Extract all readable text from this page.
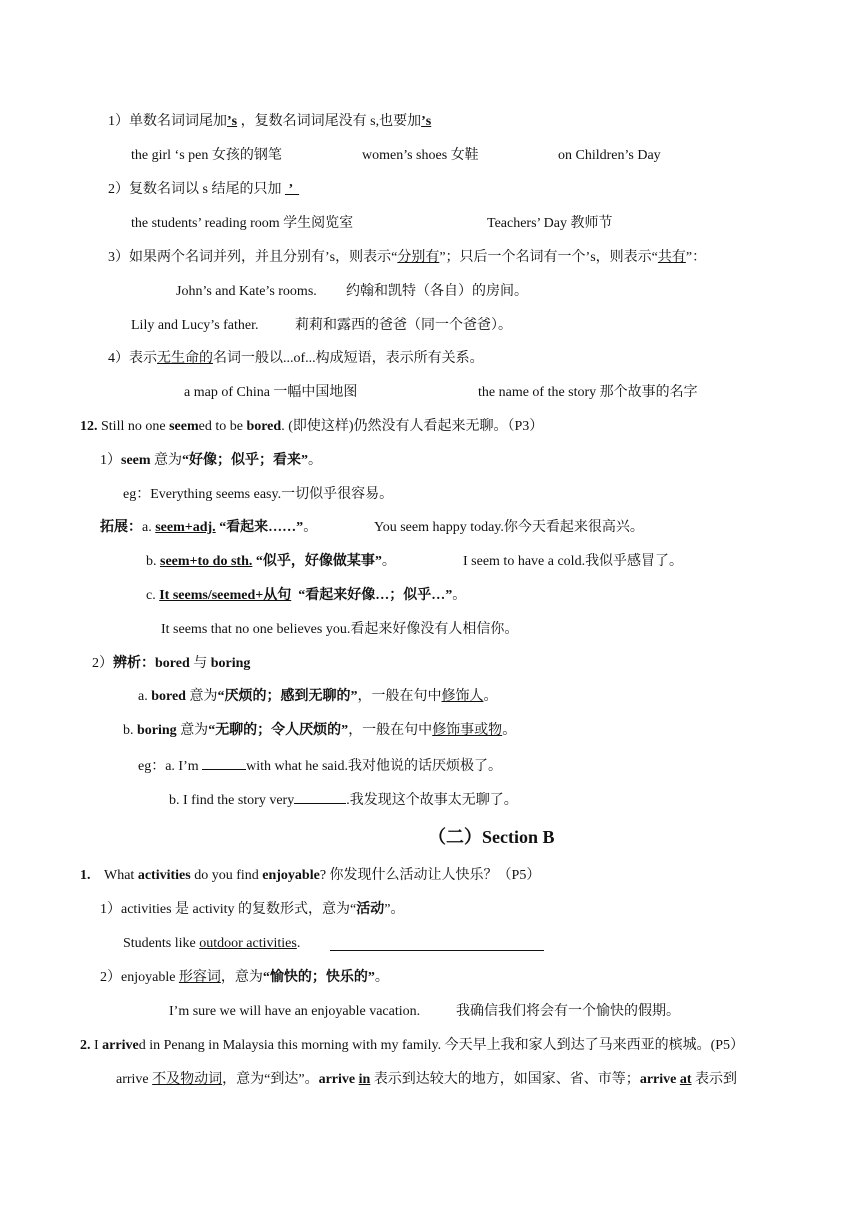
1）单数名词词尾加’s ，复数名词词尾没有 s,也要加’s
the girl ‘s pen 女孩的钢笔	women’s shoes 女鞋	on Children’s Day
2）复数名词以 s 结尾的只加  ’
the students’ reading room 学生阅览室	Teachers’ Day 教师节
3）如果两个名词并列，并且分别有’s，则表示“分别有”；只后一个名词有一个’s，则表示“共有”：
John’s and Kate’s rooms. 约翰和凯特（各自）的房间。
Lily and Lucy’s father.	莉莉和露西的爸爸（同一个爸爸）。
4）表示无生命的名词一般以...of...构成短语，表示所有关系。
a map of China 一幅中国地图	the name of the story 那个故事的名字
12. Still no one seemed to be bored. (即使这样)仍然没有人看起来无聊。（P3）
1）seem 意为“好像；似乎；看来”。
eg：Everything seems easy.一切似乎很容易。
拓展：a. seem+adj. “看起来……”。	You seem happy today.你今天看起来很高兴。
b. seem+to do sth. “似乎，好像做某事”。	I seem to have a cold.我似乎感冒了。
c. It seems/seemed+从句  “看起来好像…；似乎…”。
It seems that no one believes you.看起来好像没有人相信你。
2）辨析：bored 与 boring
a. bored 意为“厌烦的；感到无聊的”，一般在句中修饰人。
b. boring 意为“无聊的；令人厌烦的”，一般在句中修饰事或物。
eg：a. I’m	with what he said.我对他说的话厌烦极了。
b. I find the story very	.我发现这个故事太无聊了。
（二）Section B
1. What activities do you find enjoyable? 你发现什么活动让人快乐？（P5）
1）activities 是 activity 的复数形式，意为“活动”。
Students like outdoor activities.
2）enjoyable 形容词，意为“愉快的；快乐的”。
I’m sure we will have an enjoyable vacation.	我确信我们将会有一个愉快的假期。
2. I arrived in Penang in Malaysia this morning with my family. 今天早上我和家人到达了马来西亚的槟城。(P5）
arrive 不及物动词，意为“到达”。arrive in 表示到达较大的地方，如国家、省、市等；arrive at 表示到
